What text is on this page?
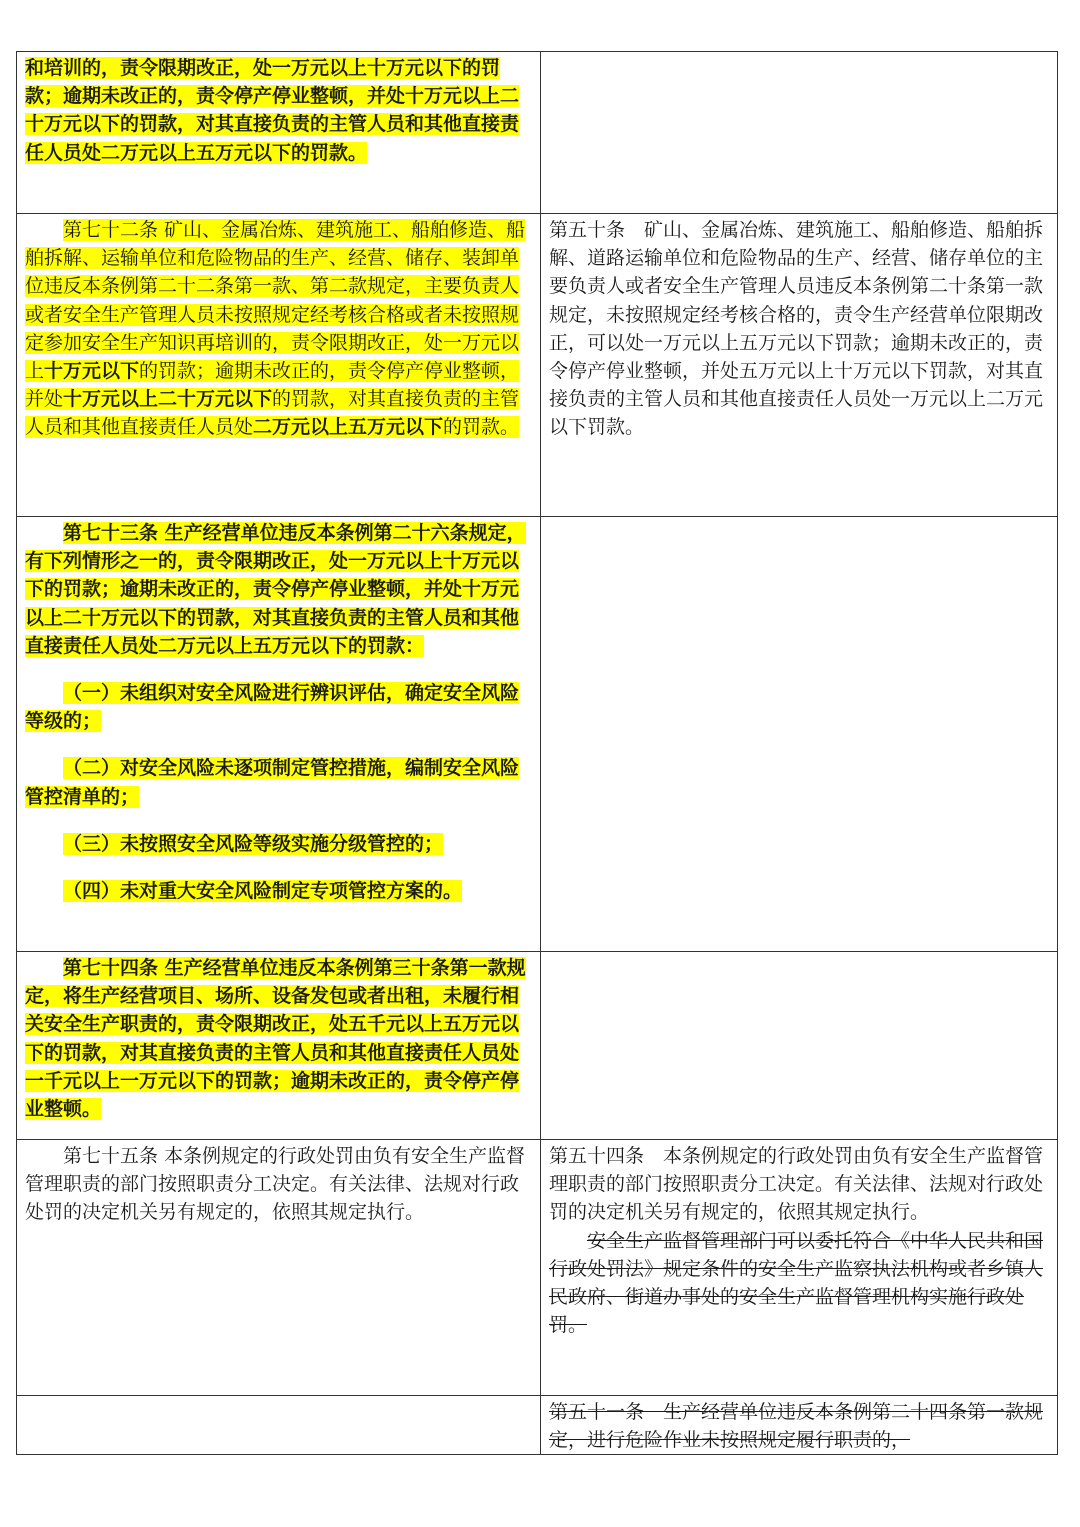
和培训的，责令限期改正，处一万元以上十万元以下的罚款；逾期未改正的，责令停产停业整顿，并处十万元以上二十万元以下的罚款，对其直接负责的主管人员和其他直接责任人员处二万元以上五万元以下的罚款。	

第七十二条 矿山、金属冶炼、建筑施工、船舶修造、船舶拆解、运输单位和危险物品的生产、经营、储存、装卸单位违反本条例第二十二条第一款、第二款规定，主要负责人或者安全生产管理人员未按照规定经考核合格或者未按照规定参加安全生产知识再培训的，责令限期改正，处一万元以上十万元以下的罚款；逾期未改正的，责令停产停业整顿，并处十万元以上二十万元以下的罚款，对其直接负责的主管人员和其他直接责任人员处二万元以上五万元以下的罚款。	第五十条　矿山、金属冶炼、建筑施工、船舶修造、船舶拆解、道路运输单位和危险物品的生产、经营、储存单位的主要负责人或者安全生产管理人员违反本条例第二十条第一款规定，未按照规定经考核合格的，责令生产经营单位限期改正，可以处一万元以上五万元以下罚款；逾期未改正的，责令停产停业整顿，并处五万元以上十万元以下罚款，对其直接负责的主管人员和其他直接责任人员处一万元以上二万元以下罚款。

第七十三条 生产经营单位违反本条例第二十六条规定，有下列情形之一的，责令限期改正，处一万元以上十万元以下的罚款；逾期未改正的，责令停产停业整顿，并处十万元以上二十万元以下的罚款，对其直接负责的主管人员和其他直接责任人员处二万元以上五万元以下的罚款：

（一）未组织对安全风险进行辨识评估，确定安全风险等级的；

（二）对安全风险未逐项制定管控措施，编制安全风险管控清单的；

（三）未按照安全风险等级实施分级管控的；

（四）未对重大安全风险制定专项管控方案的。	

第七十四条 生产经营单位违反本条例第三十条第一款规定，将生产经营项目、场所、设备发包或者出租，未履行相关安全生产职责的，责令限期改正，处五千元以上五万元以下的罚款，对其直接负责的主管人员和其他直接责任人员处一千元以上一万元以下的罚款；逾期未改正的，责令停产停业整顿。	

第七十五条 本条例规定的行政处罚由负有安全生产监督管理职责的部门按照职责分工决定。有关法律、法规对行政处罚的决定机关另有规定的，依照其规定执行。	第五十四条　本条例规定的行政处罚由负有安全生产监督管理职责的部门按照职责分工决定。有关法律、法规对行政处罚的决定机关另有规定的，依照其规定执行。

安全生产监督管理部门可以委托符合《中华人民共和国行政处罚法》规定条件的安全生产监察执法机构或者乡镇人民政府、街道办事处的安全生产监督管理机构实施行政处罚。

	第五十一条　生产经营单位违反本条例第二十四条第一款规定，进行危险作业未按照规定履行职责的，
